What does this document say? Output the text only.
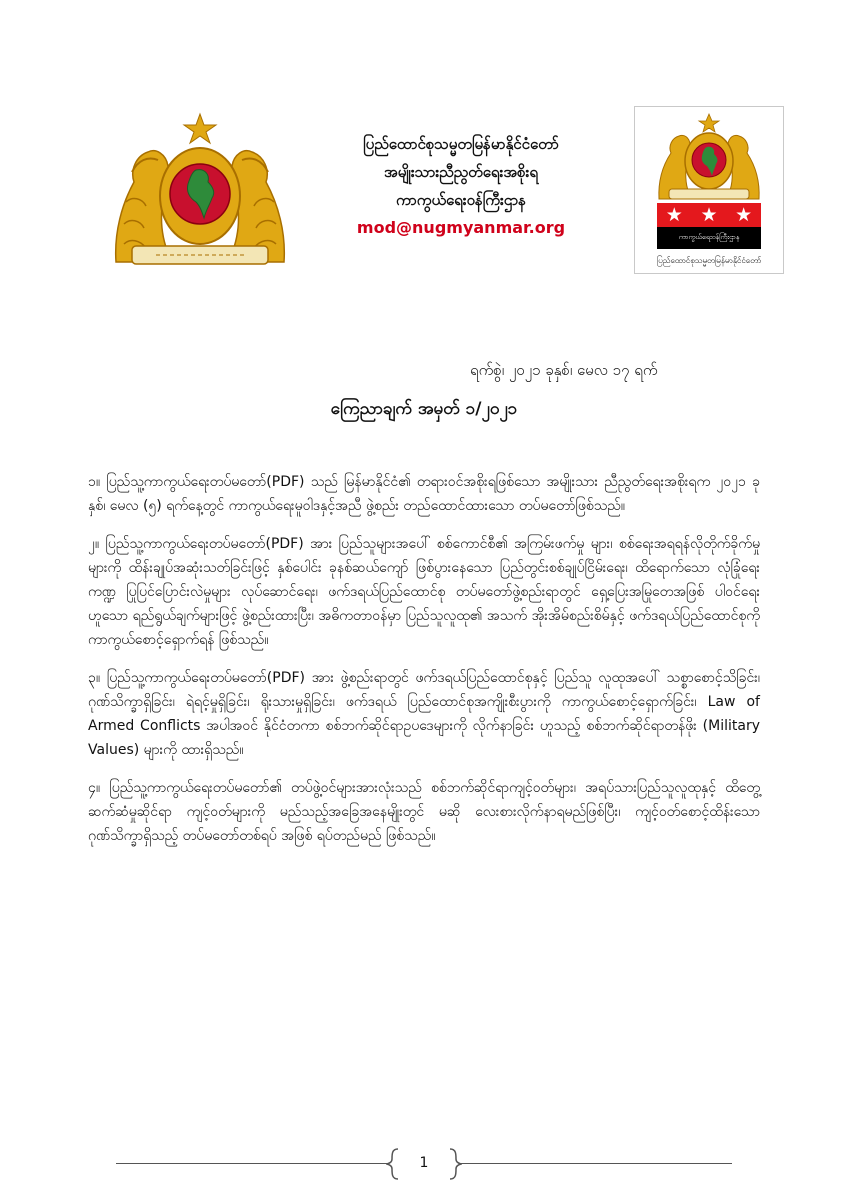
ပြည်ထောင်စုသမ္မတမြန်မာနိုင်ငံတော်
အမျိုးသားညီညွတ်ရေးအစိုးရ
ကာကွယ်ရေးဝန်ကြီးဌာန
mod@nugmyanmar.org
★ ★ ★
ကာကွယ်ရေးဝန်ကြီးဌာန
ပြည်ထောင်စုသမ္မတမြန်မာနိုင်ငံတော်
ရက်စွဲ၊ ၂၀၂၁ ခုနှစ်၊ မေလ ၁၇ ရက်
ကြေညာချက် အမှတ် ၁/၂၀၂၁

၁။ ပြည်သူ့ကာကွယ်ရေးတပ်မတော်(PDF) သည် မြန်မာနိုင်ငံ၏ တရားဝင်အစိုးရဖြစ်သော အမျိုးသား ညီညွတ်ရေးအစိုးရက ၂၀၂၁ ခုနှစ်၊ မေလ (၅) ရက်နေ့တွင် ကာကွယ်ရေးမူဝါဒနှင့်အညီ ဖွဲ့စည်း တည်ထောင်ထားသော တပ်မတော်ဖြစ်သည်။

၂။ ပြည်သူ့ကာကွယ်ရေးတပ်မတော်(PDF) အား ပြည်သူများအပေါ် စစ်ကောင်စီ၏ အကြမ်းဖက်မှု များ၊ စစ်ရေးအရရန်လိုတိုက်ခိုက်မှုများကို ထိန်းချုပ်အဆုံးသတ်ခြင်းဖြင့် နှစ်ပေါင်း ခုနစ်ဆယ်ကျော် ဖြစ်ပွားနေသော ပြည်တွင်းစစ်ချုပ်ငြိမ်းရေး၊ ထိရောက်သော လုံခြုံရေးကဏ္ဍ ပြုပြင်ပြောင်းလဲမှုများ လုပ်ဆောင်ရေး၊ ဖက်ဒရယ်ပြည်ထောင်စု တပ်မတော်ဖွဲ့စည်းရာတွင် ရှေ့ပြေးအမြုတေအဖြစ် ပါဝင်ရေး ဟူသော ရည်ရွယ်ချက်များဖြင့် ဖွဲ့စည်းထားပြီး၊ အဓိကတာဝန်မှာ ပြည်သူလူထု၏ အသက် အိုးအိမ်စည်းစိမ်နှင့် ဖက်ဒရယ်ပြည်ထောင်စုကို ကာကွယ်စောင့်ရှောက်ရန် ဖြစ်သည်။

၃။ ပြည်သူ့ကာကွယ်ရေးတပ်မတော်(PDF) အား ဖွဲ့စည်းရာတွင် ဖက်ဒရယ်ပြည်ထောင်စုနှင့် ပြည်သူ လူထုအပေါ် သစ္စာစောင့်သိခြင်း၊ ဂုဏ်သိက္ခာရှိခြင်း၊ ရဲရင့်မှုရှိခြင်း၊ ရိုးသားမှုရှိခြင်း၊ ဖက်ဒရယ် ပြည်ထောင်စုအကျိုးစီးပွားကို ကာကွယ်စောင့်ရှောက်ခြင်း၊ Law of Armed Conflicts အပါအဝင် နိုင်ငံတကာ စစ်ဘက်ဆိုင်ရာဥပဒေများကို လိုက်နာခြင်း ဟူသည့် စစ်ဘက်ဆိုင်ရာတန်ဖိုး (Military Values) များကို ထားရှိသည်။

၄။ ပြည်သူ့ကာကွယ်ရေးတပ်မတော်၏ တပ်ဖွဲ့ဝင်များအားလုံးသည် စစ်ဘက်ဆိုင်ရာကျင့်ဝတ်များ၊ အရပ်သားပြည်သူလူထုနှင့် ထိတွေ့ဆက်ဆံမှုဆိုင်ရာ ကျင့်ဝတ်များကို မည်သည့်အခြေအနေမျိုးတွင် မဆို လေးစားလိုက်နာရမည်ဖြစ်ပြီး၊ ကျင့်ဝတ်စောင့်ထိန်းသော ဂုဏ်သိက္ခာရှိသည့် တပ်မတော်တစ်ရပ် အဖြစ် ရပ်တည်မည် ဖြစ်သည်။

1
